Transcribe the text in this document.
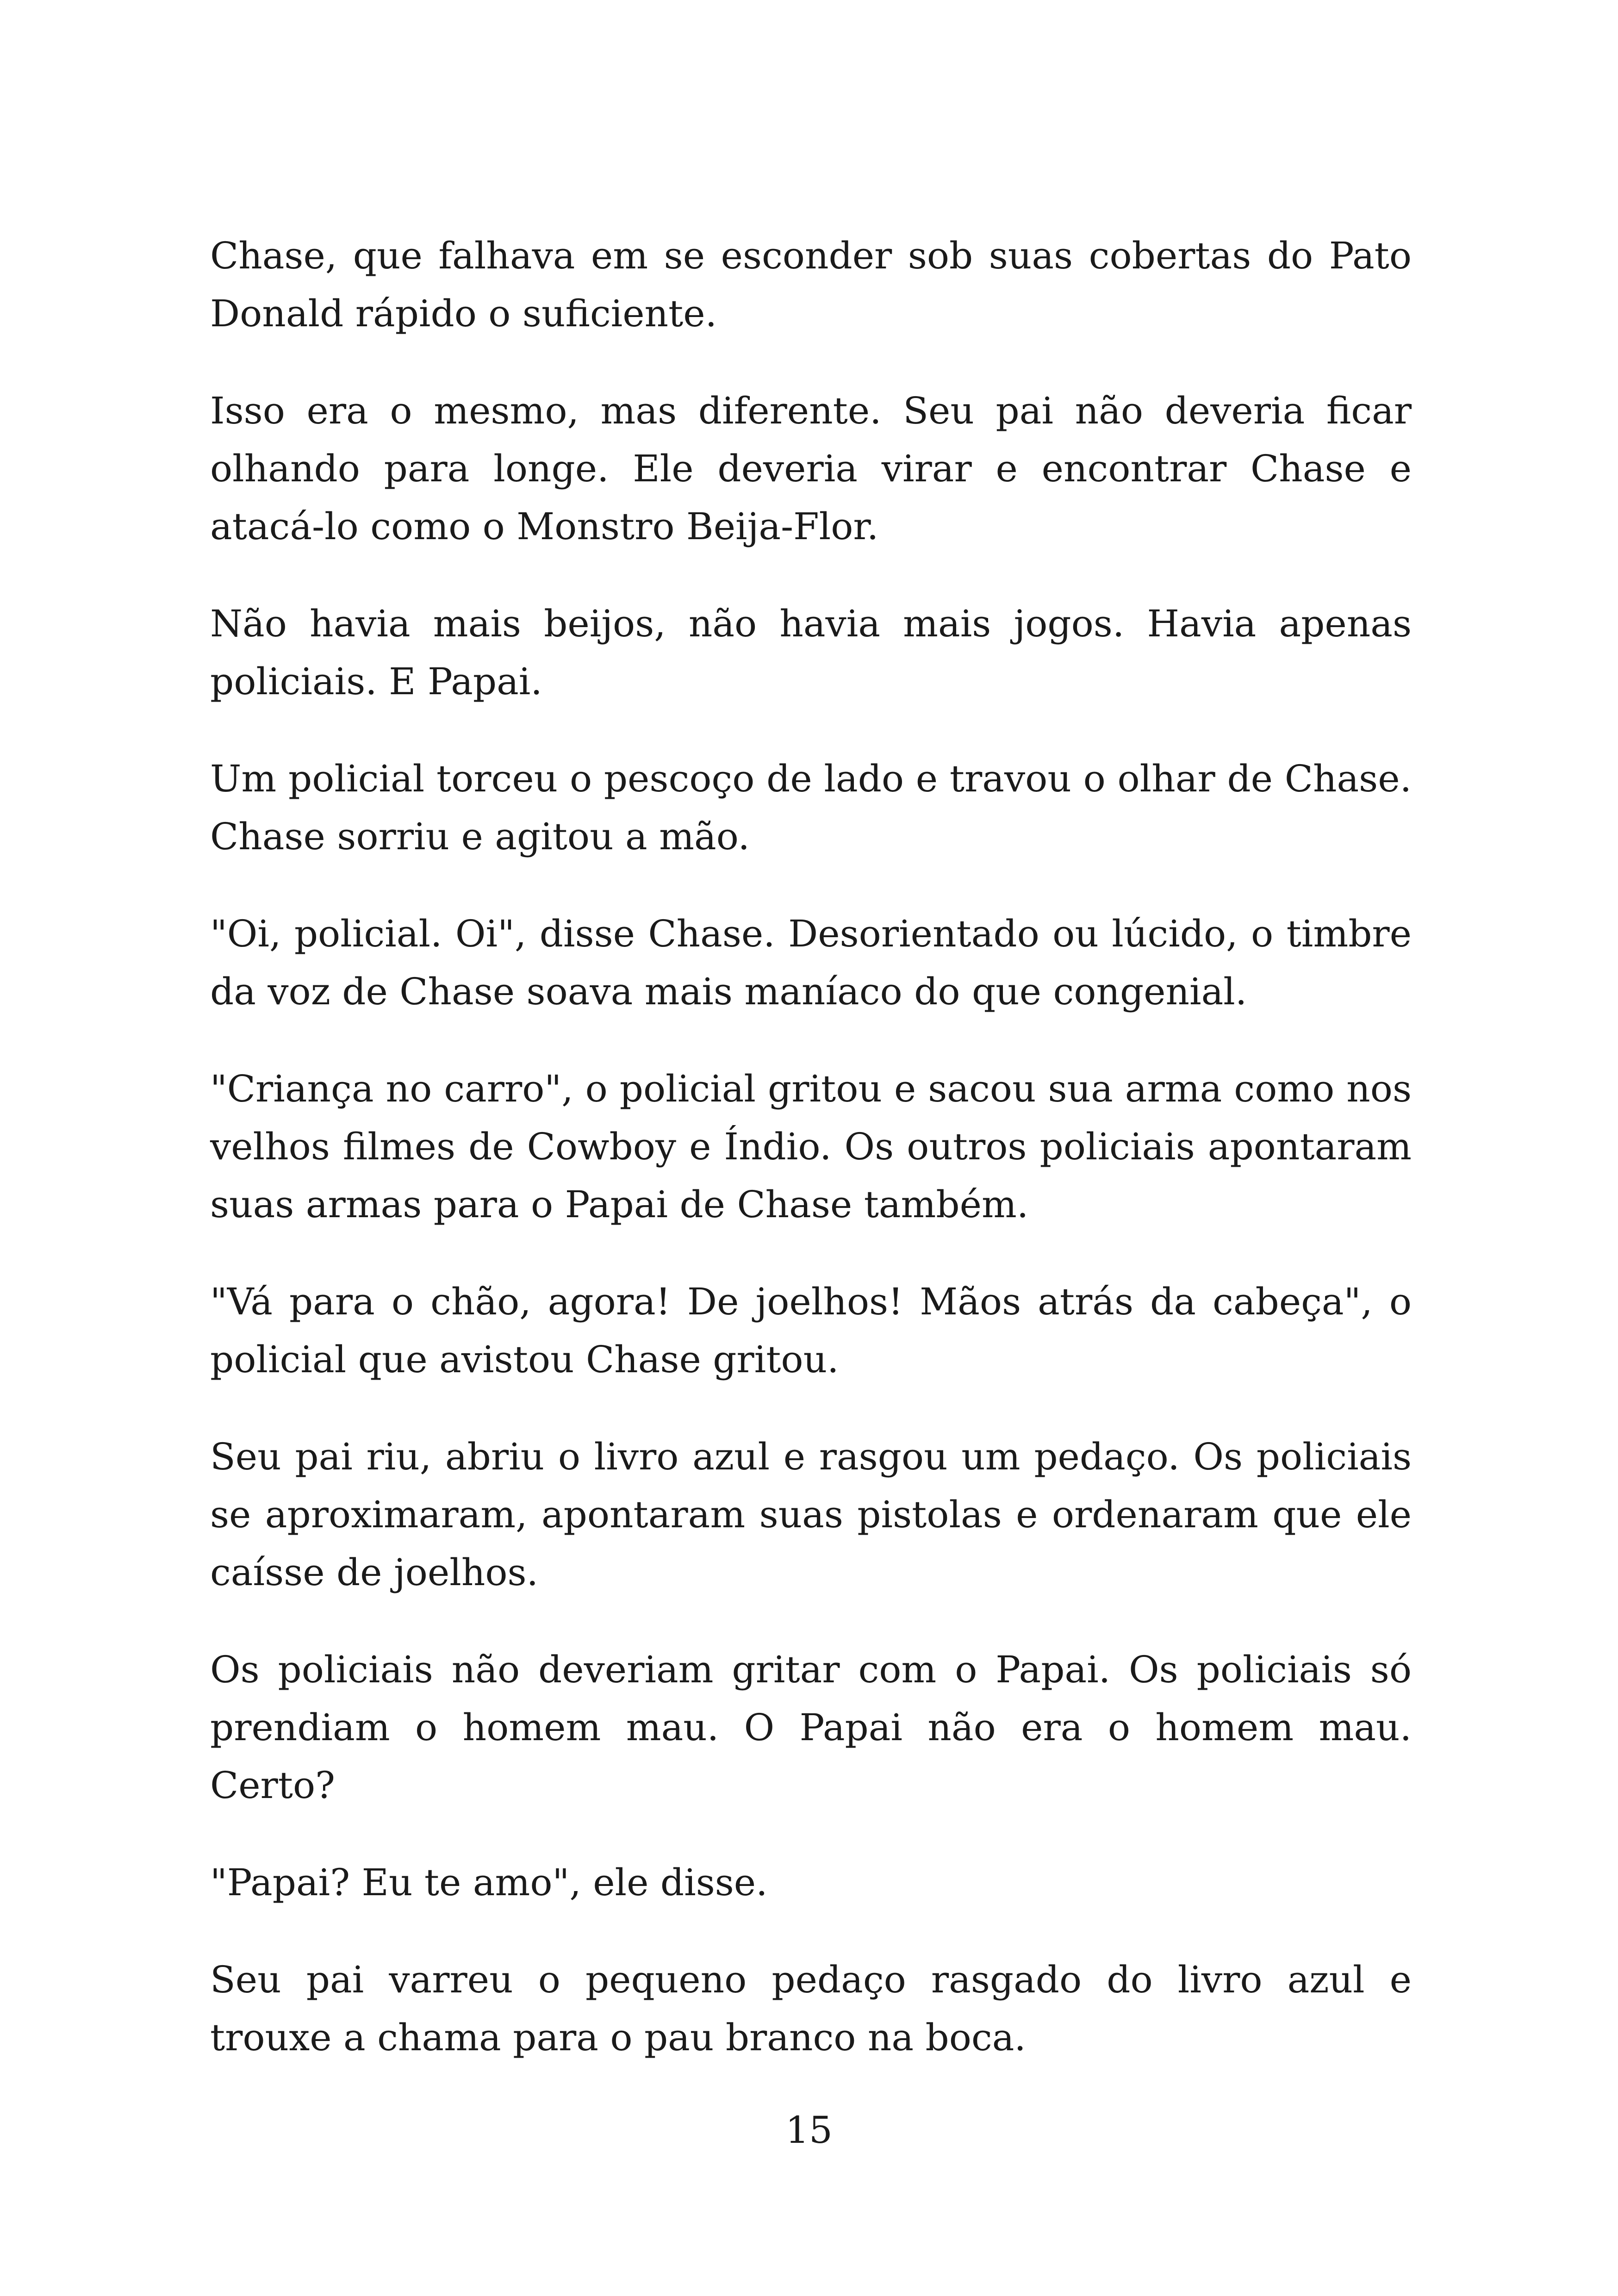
Chase, que falhava em se esconder sob suas cobertas do Pato Donald rápido o suficiente.

Isso era o mesmo, mas diferente. Seu pai não deveria ficar olhando para longe. Ele deveria virar e encontrar Chase e atacá-lo como o Monstro Beija-Flor.

Não havia mais beijos, não havia mais jogos. Havia apenas policiais. E Papai.

Um policial torceu o pescoço de lado e travou o olhar de Chase. Chase sorriu e agitou a mão.

"Oi, policial. Oi", disse Chase. Desorientado ou lúcido, o timbre da voz de Chase soava mais maníaco do que congenial.

"Criança no carro", o policial gritou e sacou sua arma como nos velhos filmes de Cowboy e Índio. Os outros policiais apontaram suas armas para o Papai de Chase também.

"Vá para o chão, agora! De joelhos! Mãos atrás da cabeça", o policial que avistou Chase gritou.

Seu pai riu, abriu o livro azul e rasgou um pedaço. Os policiais se aproximaram, apontaram suas pistolas e ordenaram que ele caísse de joelhos.

Os policiais não deveriam gritar com o Papai. Os policiais só prendiam o homem mau. O Papai não era o homem mau. Certo?

"Papai? Eu te amo", ele disse.

Seu pai varreu o pequeno pedaço rasgado do livro azul e trouxe a chama para o pau branco na boca.

15
